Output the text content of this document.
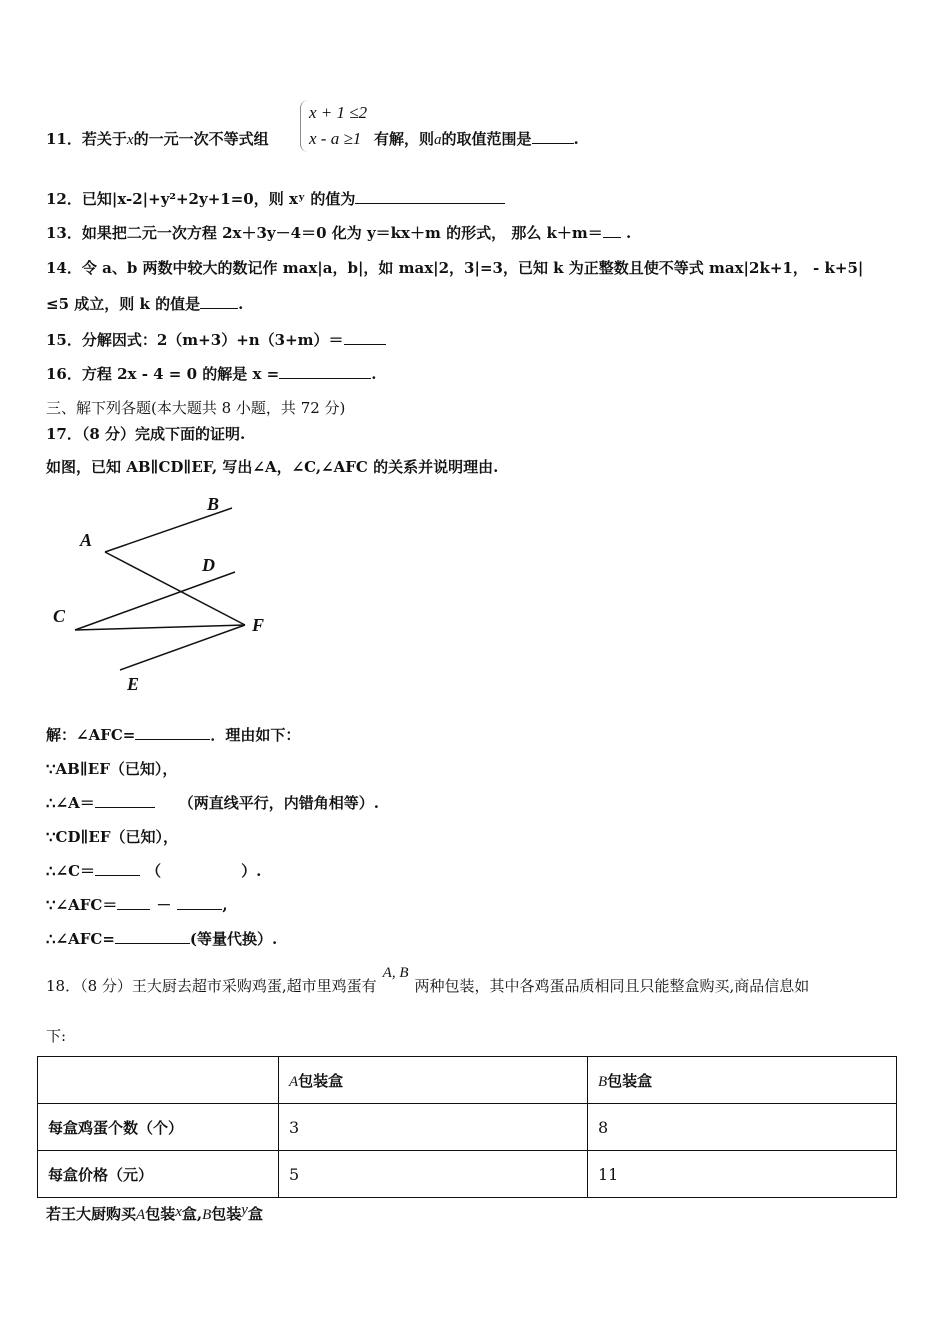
11．若关于x的一元一次不等式组
x + 1 ≤2
x - a ≥1 有解，则a的取值范围是	.
12．已知|x-2|+y²+2y+1=0，则 xʸ 的值为
13．如果把二元一次方程 2x＋3y－4＝0 化为 y＝kx＋m 的形式， 那么 k＋m＝ .
14．令 a、b 两数中较大的数记作 max|a，b|，如 max|2，3|=3，已知 k 为正整数且使不等式 max|2k+1， - k+5|
≤5 成立，则 k 的值是	.
15．分解因式：2（m+3）+n（3+m）＝
16．方程 2x - 4 = 0 的解是 x =	.
三、解下列各题(本大题共 8 小题，共 72 分)
17．（8 分）完成下面的证明.
如图，已知 AB∥CD∥EF, 写出∠A，∠C,∠AFC 的关系并说明理由.
B
A
D
C	F
E
解：∠AFC=	．理由如下：
∵AB∥EF（已知），
∴∠A＝	（两直线平行，内错角相等）.
∵CD∥EF（已知），
∴∠C＝	（	）.
∵∠AFC＝	－	,
∴∠AFC=	(等量代换）.
18．（8 分）王大厨去超市采购鸡蛋,超市里鸡蛋有A, B两种包装，其中各鸡蛋品质相同且只能整盒购买,商品信息如
下:
	A包装盒	B包装盒
每盒鸡蛋个数（个）	3	8
每盒价格（元）	5	11
若王大厨购买A包装x盒,B包装y盒
